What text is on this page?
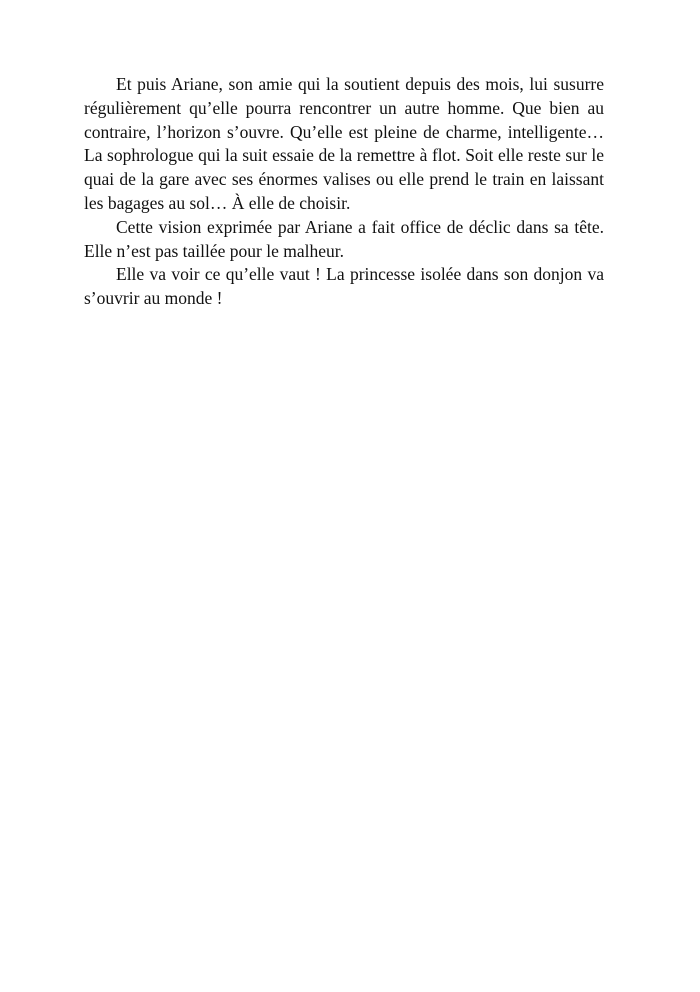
Et puis Ariane, son amie qui la soutient depuis des mois, lui susurre régulièrement qu’elle pourra rencontrer un autre homme. Que bien au contraire, l’horizon s’ouvre. Qu’elle est pleine de charme, intelligente… La sophrologue qui la suit essaie de la remettre à flot. Soit elle reste sur le quai de la gare avec ses énormes valises ou elle prend le train en laissant les bagages au sol… À elle de choisir.

Cette vision exprimée par Ariane a fait office de déclic dans sa tête. Elle n’est pas taillée pour le malheur.

Elle va voir ce qu’elle vaut ! La princesse isolée dans son donjon va s’ouvrir au monde !
